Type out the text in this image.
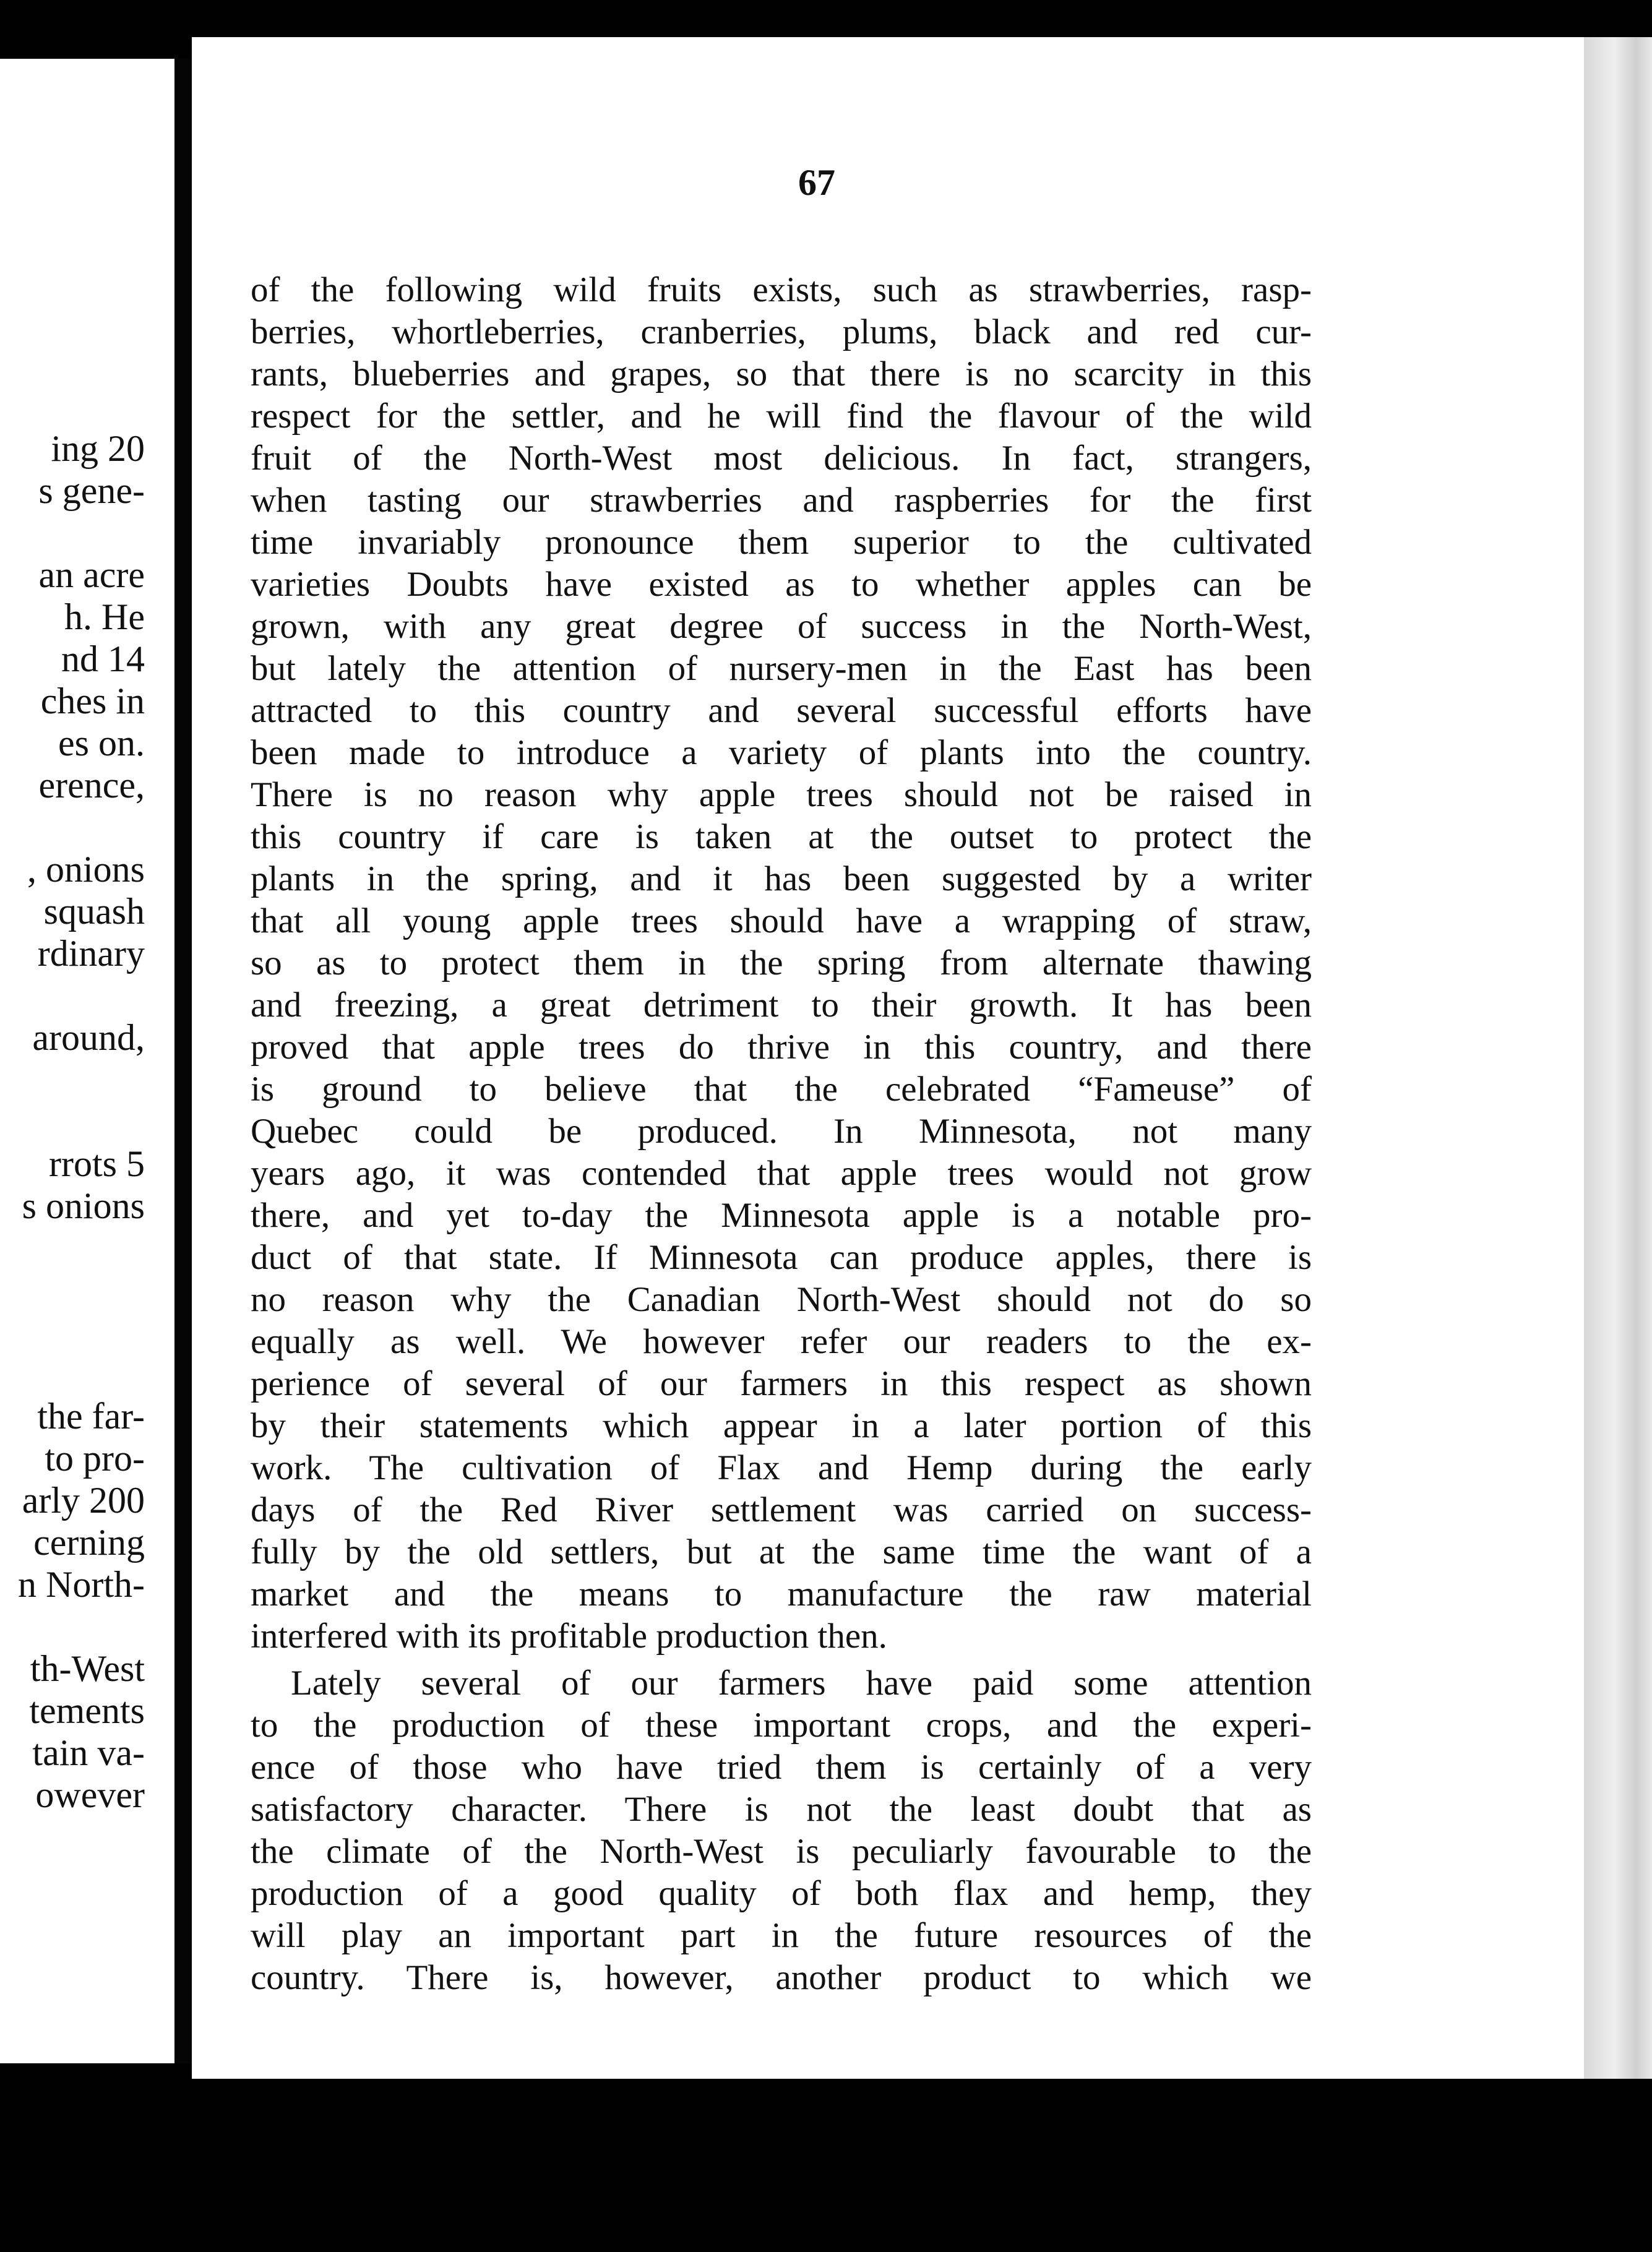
ing 20
s gene-
an acre
h. He
nd 14
ches in
es on.
erence,
, onions
squash
rdinary
around,
rrots 5
s onions
the far-
to pro-
arly 200
cerning
n North-
th-West
tements
tain va-
owever
67
of the following wild fruits exists, such as strawberries, rasp-
berries, whortleberries, cranberries, plums, black and red cur-
rants, blueberries and grapes, so that there is no scarcity in this
respect for the settler, and he will find the flavour of the wild
fruit of the North-West most delicious. In fact, strangers,
when tasting our strawberries and raspberries for the first
time invariably pronounce them superior to the cultivated
varieties Doubts have existed as to whether apples can be
grown, with any great degree of success in the North-West,
but lately the attention of nursery-men in the East has been
attracted to this country and several successful efforts have
been made to introduce a variety of plants into the country.
There is no reason why apple trees should not be raised in
this country if care is taken at the outset to protect the
plants in the spring, and it has been suggested by a writer
that all young apple trees should have a wrapping of straw,
so as to protect them in the spring from alternate thawing
and freezing, a great detriment to their growth. It has been
proved that apple trees do thrive in this country, and there
is ground to believe that the celebrated “Fameuse” of
Quebec could be produced. In Minnesota, not many
years ago, it was contended that apple trees would not grow
there, and yet to-day the Minnesota apple is a notable pro-
duct of that state. If Minnesota can produce apples, there is
no reason why the Canadian North-West should not do so
equally as well. We however refer our readers to the ex-
perience of several of our farmers in this respect as shown
by their statements which appear in a later portion of this
work. The cultivation of Flax and Hemp during the early
days of the Red River settlement was carried on success-
fully by the old settlers, but at the same time the want of a
market and the means to manufacture the raw material
interfered with its profitable production then.
Lately several of our farmers have paid some attention
to the production of these important crops, and the experi-
ence of those who have tried them is certainly of a very
satisfactory character. There is not the least doubt that as
the climate of the North-West is peculiarly favourable to the
production of a good quality of both flax and hemp, they
will play an important part in the future resources of the
country. There is, however, another product to which we
